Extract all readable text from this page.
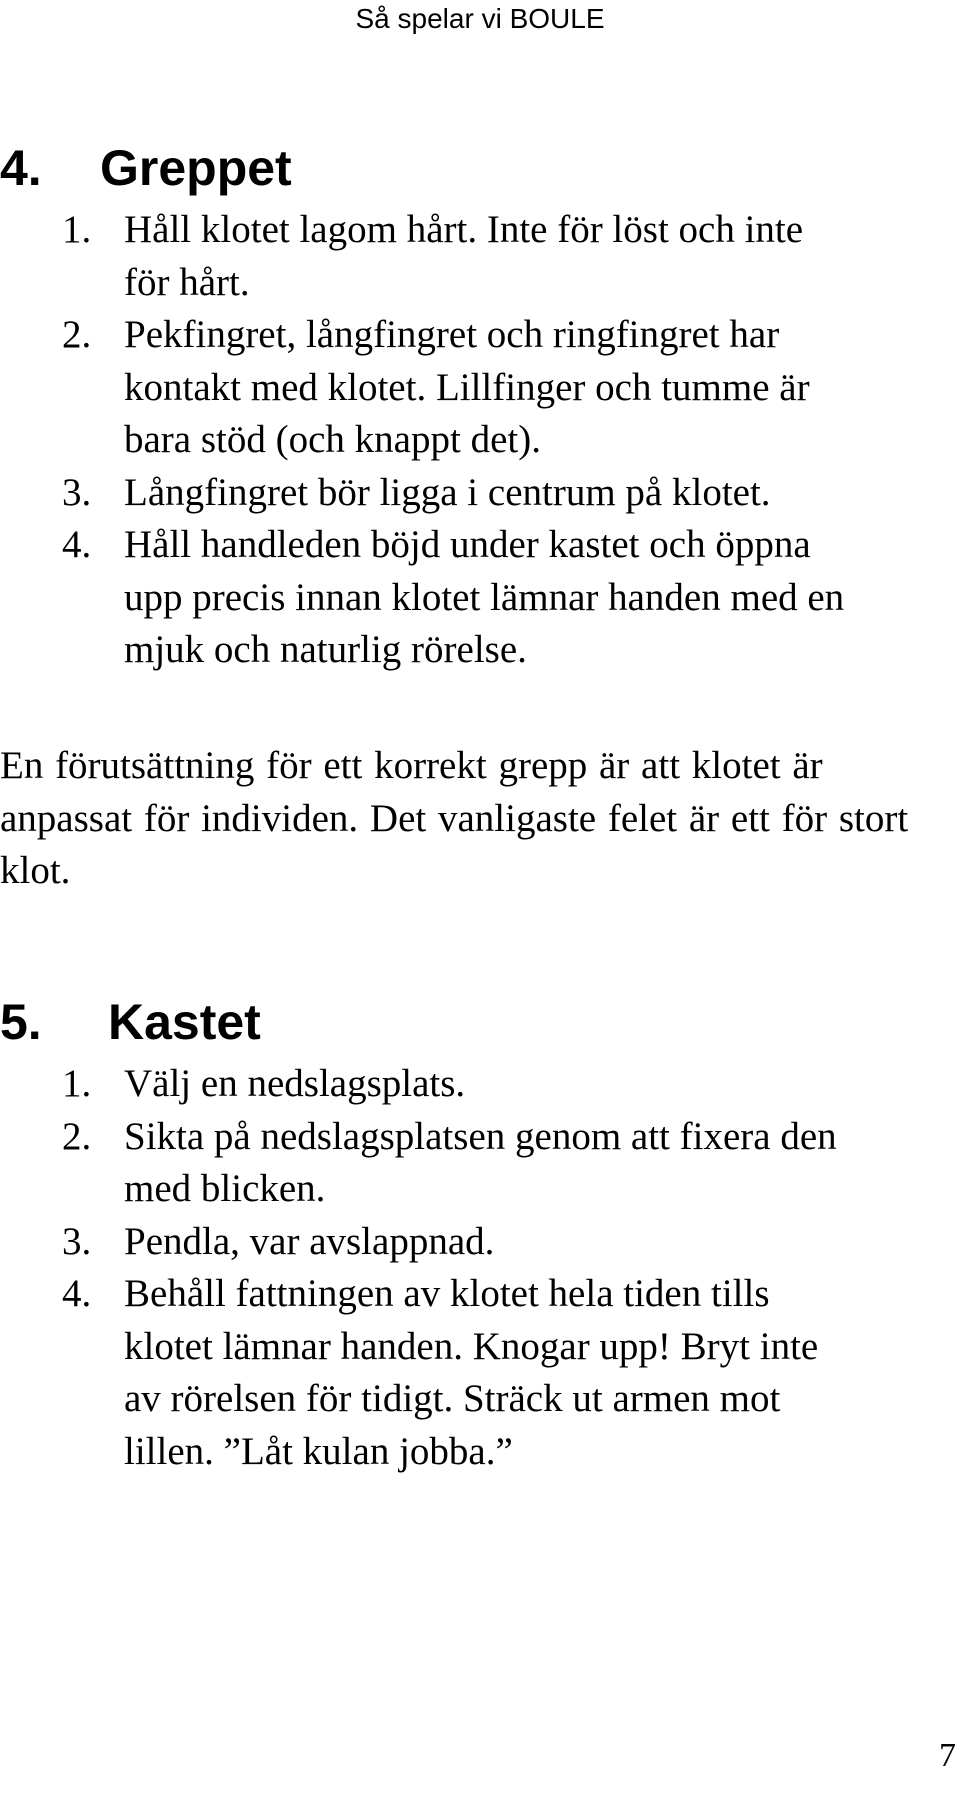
Så spelar vi BOULE
4. Greppet
1. Håll klotet lagom hårt. Inte för löst och inte för hårt.
2. Pekfingret, långfingret och ringfingret har kontakt med klotet. Lillfinger och tumme är bara stöd (och knappt det).
3. Långfingret bör ligga i centrum på klotet.
4. Håll handleden böjd under kastet och öppna upp precis innan klotet lämnar handen med en mjuk och naturlig rörelse.

En förutsättning för ett korrekt grepp är att klotet är anpassat för individen. Det vanligaste felet är ett för stort klot.

5. Kastet
1. Välj en nedslagsplats.
2. Sikta på nedslagsplatsen genom att fixera den med blicken.
3. Pendla, var avslappnad.
4. Behåll fattningen av klotet hela tiden tills klotet lämnar handen. Knogar upp! Bryt inte av rörelsen för tidigt. Sträck ut armen mot lillen. ”Låt kulan jobba.”
7
